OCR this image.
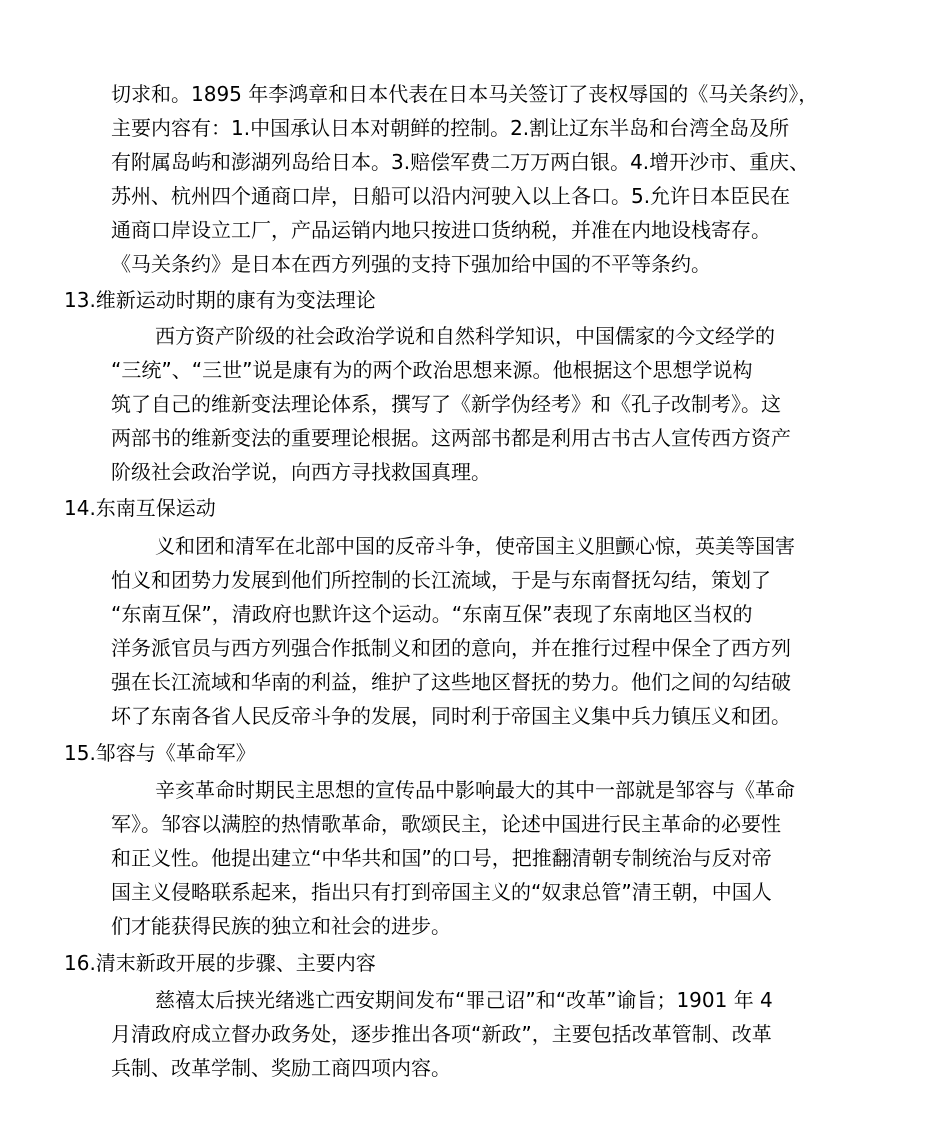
切求和。1895 年李鸿章和日本代表在日本马关签订了丧权辱国的《马关条约》，
主要内容有：1.中国承认日本对朝鲜的控制。2.割让辽东半岛和台湾全岛及所
有附属岛屿和澎湖列岛给日本。3.赔偿军费二万万两白银。4.增开沙市、重庆、
苏州、杭州四个通商口岸，日船可以沿内河驶入以上各口。5.允许日本臣民在
通商口岸设立工厂，产品运销内地只按进口货纳税，并准在内地设栈寄存。
《马关条约》是日本在西方列强的支持下强加给中国的不平等条约。
13.维新运动时期的康有为变法理论
西方资产阶级的社会政治学说和自然科学知识，中国儒家的今文经学的
“三统”、“三世”说是康有为的两个政治思想来源。他根据这个思想学说构
筑了自己的维新变法理论体系，撰写了《新学伪经考》和《孔子改制考》。这
两部书的维新变法的重要理论根据。这两部书都是利用古书古人宣传西方资产
阶级社会政治学说，向西方寻找救国真理。
14.东南互保运动
义和团和清军在北部中国的反帝斗争，使帝国主义胆颤心惊，英美等国害
怕义和团势力发展到他们所控制的长江流域，于是与东南督抚勾结，策划了
“东南互保”，清政府也默许这个运动。“东南互保”表现了东南地区当权的
洋务派官员与西方列强合作抵制义和团的意向，并在推行过程中保全了西方列
强在长江流域和华南的利益，维护了这些地区督抚的势力。他们之间的勾结破
坏了东南各省人民反帝斗争的发展，同时利于帝国主义集中兵力镇压义和团。
15.邹容与《革命军》
辛亥革命时期民主思想的宣传品中影响最大的其中一部就是邹容与《革命
军》。邹容以满腔的热情歌革命，歌颂民主，论述中国进行民主革命的必要性
和正义性。他提出建立“中华共和国”的口号，把推翻清朝专制统治与反对帝
国主义侵略联系起来，指出只有打到帝国主义的“奴隶总管”清王朝，中国人
们才能获得民族的独立和社会的进步。
16.清末新政开展的步骤、主要内容
慈禧太后挟光绪逃亡西安期间发布“罪己诏”和“改革”谕旨；1901 年 4
月清政府成立督办政务处，逐步推出各项“新政”，主要包括改革管制、改革
兵制、改革学制、奖励工商四项内容。
